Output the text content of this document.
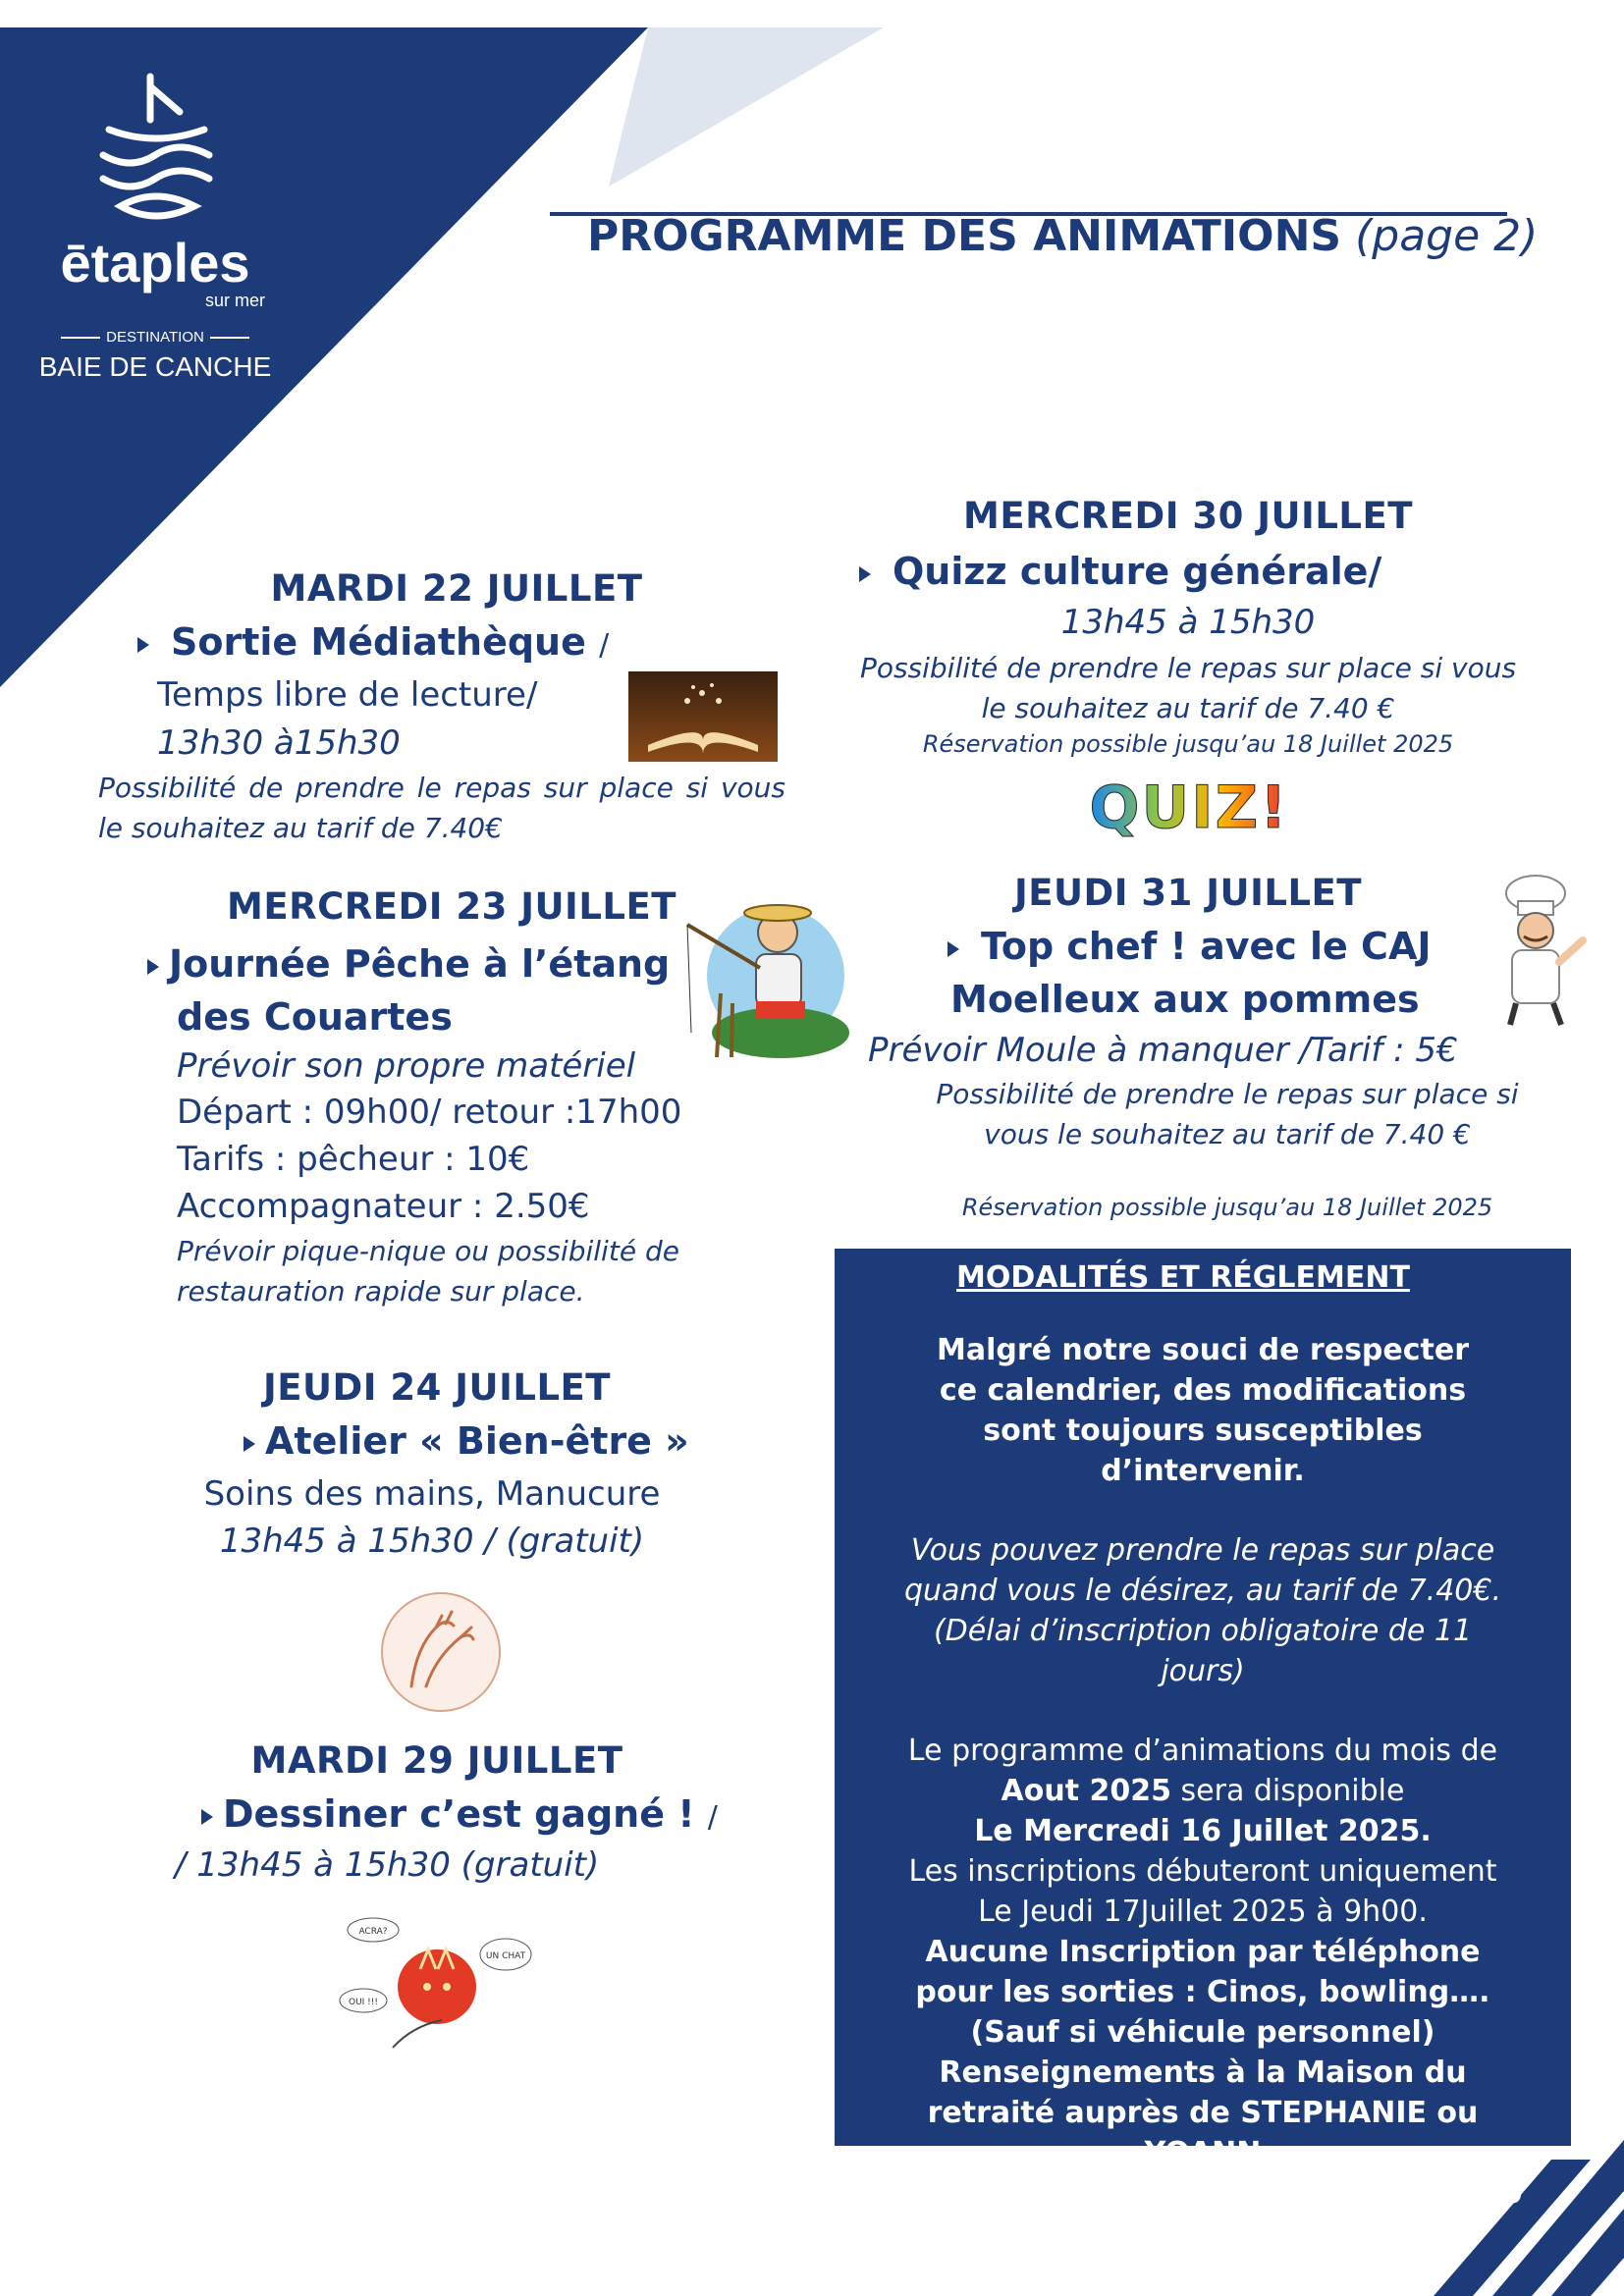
ētaples
sur mer
DESTINATION
BAIE DE CANCHE
PROGRAMME DES ANIMATIONS (page 2)
MARDI 22 JUILLET
Sortie Médiathèque /
Temps libre de lecture/
13h30 à15h30
Possibilité de prendre le repas sur place si vous le souhaitez au tarif de 7.40€
MERCREDI 23 JUILLET
Journée Pêche à l’étang
des Couartes
Prévoir son propre matériel
Départ : 09h00/ retour :17h00
Tarifs : pêcheur : 10€
Accompagnateur : 2.50€
Prévoir pique-nique ou possibilité de restauration rapide sur place.
JEUDI 24 JUILLET
Atelier « Bien-être »
Soins des mains, Manucure
13h45 à 15h30 / (gratuit)
MARDI 29 JUILLET
Dessiner c’est gagné ! /
/ 13h45 à 15h30 (gratuit)
ACRA?
UN CHAT
OUI !!!
MERCREDI 30 JUILLET
Quizz culture générale/
13h45 à 15h30
Possibilité de prendre le repas sur place si vous le souhaitez au tarif de 7.40 €
Réservation possible jusqu’au 18 Juillet 2025
QUIZ!
JEUDI 31 JUILLET
Top chef ! avec le CAJ
Moelleux aux pommes
Prévoir Moule à manquer /Tarif : 5€
Possibilité de prendre le repas sur place si vous le souhaitez au tarif de 7.40 €
Réservation possible jusqu’au 18 Juillet 2025
MODALITÉS ET RÉGLEMENT
Malgré notre souci de respecter ce calendrier, des modifications sont toujours susceptibles d’intervenir.
Vous pouvez prendre le repas sur place quand vous le désirez, au tarif de 7.40€. (Délai d’inscription obligatoire de 11 jours)
Le programme d’animations du mois de Aout 2025 sera disponible
Le Mercredi 16 Juillet 2025.
Les inscriptions débuteront uniquement Le Jeudi 17Juillet 2025 à 9h00.
Aucune Inscription par téléphone pour les sorties : Cinos, bowling….
(Sauf si véhicule personnel)
Renseignements à la Maison du retraité auprès de STEPHANIE ou YOANN
Tél : 03.21.89.95.71 ou 06.72.94.22.00
